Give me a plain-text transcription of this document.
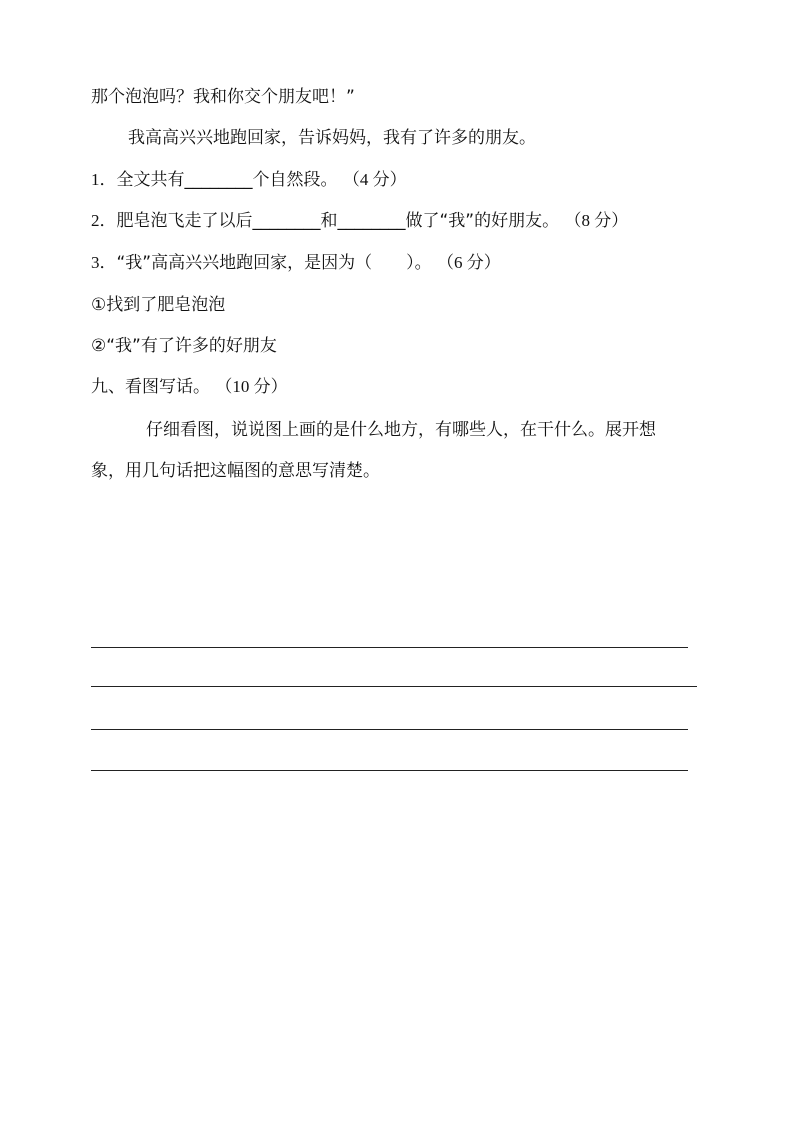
那个泡泡吗？我和你交个朋友吧！”
我高高兴兴地跑回家，告诉妈妈，我有了许多的朋友。
1．全文共有________个自然段。 （4 分）
2．肥皂泡飞走了以后________和________做了“我”的好朋友。 （8 分）
3．“我”高高兴兴地跑回家，是因为（　　）。 （6 分）
①找到了肥皂泡泡
②“我”有了许多的好朋友
九、看图写话。 （10 分）
仔细看图，说说图上画的是什么地方，有哪些人，在干什么。展开想
象，用几句话把这幅图的意思写清楚。
